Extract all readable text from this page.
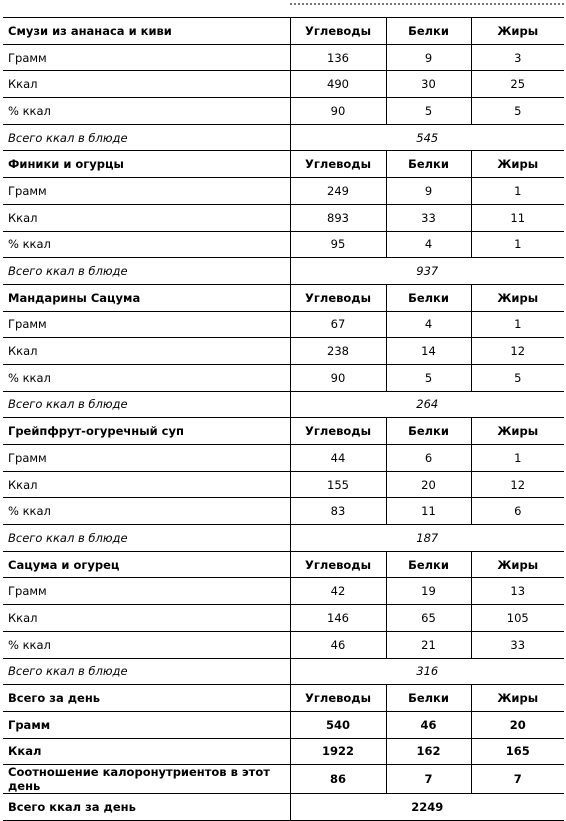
Смузи из ананаса и киви	Углеводы	Белки	Жиры
Грамм	136	9	3
Ккал	490	30	25
% ккал	90	5	5
Всего ккал в блюде	545		
Финики и огурцы	Углеводы	Белки	Жиры
Грамм	249	9	1
Ккал	893	33	11
% ккал	95	4	1
Всего ккал в блюде	937		
Мандарины Сацума	Углеводы	Белки	Жиры
Грамм	67	4	1
Ккал	238	14	12
% ккал	90	5	5
Всего ккал в блюде	264		
Грейпфрут-огуречный суп	Углеводы	Белки	Жиры
Грамм	44	6	1
Ккал	155	20	12
% ккал	83	11	6
Всего ккал в блюде	187		
Сацума и огурец	Углеводы	Белки	Жиры
Грамм	42	19	13
Ккал	146	65	105
% ккал	46	21	33
Всего ккал в блюде	316		
Всего за день	Углеводы	Белки	Жиры
Грамм	540	46	20
Ккал	1922	162	165
Соотношение калоронутриентов в этот день	86	7	7
Всего ккал за день	2249		
